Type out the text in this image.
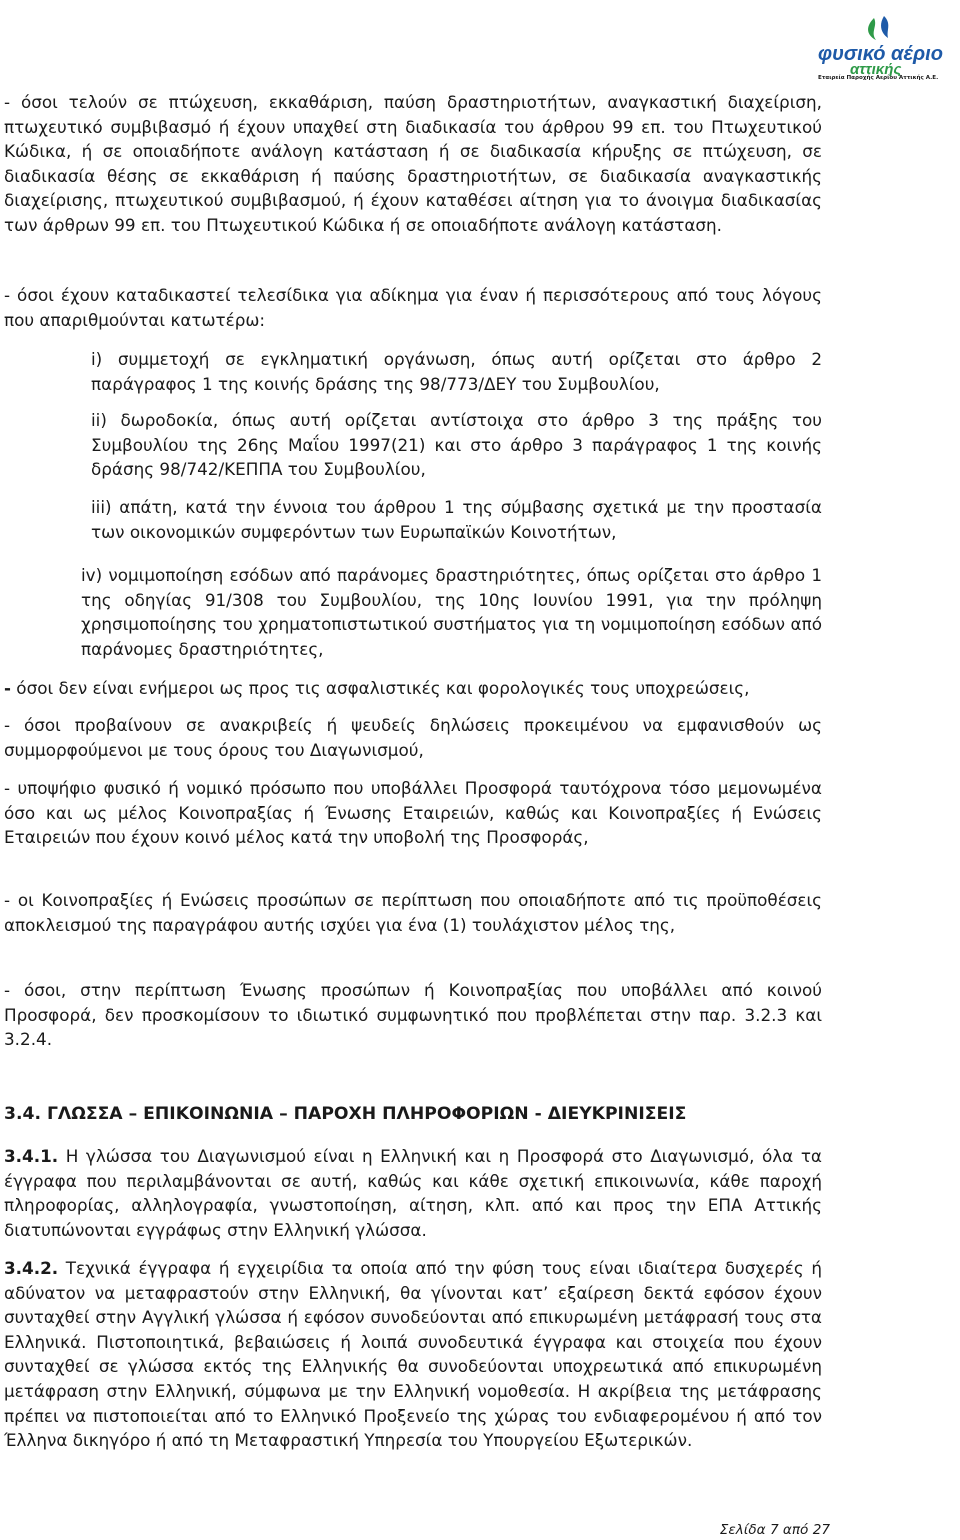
φυσικό αέριο
αττικής
Εταιρεία Παροχής Αερίου Αττικής Α.Ε.

- όσοι τελούν σε πτώχευση, εκκαθάριση, παύση δραστηριοτήτων, αναγκαστική διαχείριση, πτωχευτικό συμβιβασμό ή έχουν υπαχθεί στη διαδικασία του άρθρου 99 επ. του Πτωχευτικού Κώδικα, ή σε οποιαδήποτε ανάλογη κατάσταση ή σε διαδικασία κήρυξης σε πτώχευση, σε διαδικασία θέσης σε εκκαθάριση ή παύσης δραστηριοτήτων, σε διαδικασία αναγκαστικής διαχείρισης, πτωχευτικού συμβιβασμού, ή έχουν καταθέσει αίτηση για το άνοιγμα διαδικασίας των άρθρων 99 επ. του Πτωχευτικού Κώδικα ή σε οποιαδήποτε ανάλογη κατάσταση.

- όσοι έχουν καταδικαστεί τελεσίδικα για αδίκημα για έναν ή περισσότερους από τους λόγους που απαριθμούνται κατωτέρω:

i) συμμετοχή σε εγκληματική οργάνωση, όπως αυτή ορίζεται στο άρθρο 2 παράγραφος 1 της κοινής δράσης της 98/773/ΔΕΥ του Συμβουλίου,

ii) δωροδοκία, όπως αυτή ορίζεται αντίστοιχα στο άρθρο 3 της πράξης του Συμβουλίου της 26ης Μαΐου 1997(21) και στο άρθρο 3 παράγραφος 1 της κοινής δράσης 98/742/ΚΕΠΠΑ του Συμβουλίου,

iii) απάτη, κατά την έννοια του άρθρου 1 της σύμβασης σχετικά με την προστασία των οικονομικών συμφερόντων των Ευρωπαϊκών Κοινοτήτων,

iv) νομιμοποίηση εσόδων από παράνομες δραστηριότητες, όπως ορίζεται στο άρθρο 1 της οδηγίας 91/308 του Συμβουλίου, της 10ης Ιουνίου 1991, για την πρόληψη χρησιμοποίησης του χρηματοπιστωτικού συστήματος για τη νομιμοποίηση εσόδων από παράνομες δραστηριότητες,

- όσοι δεν είναι ενήμεροι ως προς τις ασφαλιστικές και φορολογικές τους υποχρεώσεις,

- όσοι προβαίνουν σε ανακριβείς ή ψευδείς δηλώσεις προκειμένου να εμφανισθούν ως συμμορφούμενοι με τους όρους του Διαγωνισμού,

- υποψήφιο φυσικό ή νομικό πρόσωπο που υποβάλλει Προσφορά ταυτόχρονα τόσο μεμονωμένα όσο και ως μέλος Κοινοπραξίας ή Ένωσης Εταιρειών, καθώς και Κοινοπραξίες ή Ενώσεις Εταιρειών που έχουν κοινό μέλος κατά την υποβολή της Προσφοράς,

- οι Κοινοπραξίες ή Ενώσεις προσώπων σε περίπτωση που οποιαδήποτε από τις προϋποθέσεις αποκλεισμού της παραγράφου αυτής ισχύει για ένα (1) τουλάχιστον μέλος της,

- όσοι, στην περίπτωση Ένωσης προσώπων ή Κοινοπραξίας που υποβάλλει από κοινού Προσφορά, δεν προσκομίσουν το ιδιωτικό συμφωνητικό που προβλέπεται στην παρ. 3.2.3 και 3.2.4.

3.4. ΓΛΩΣΣΑ – ΕΠΙΚΟΙΝΩΝΙΑ – ΠΑΡΟΧΗ ΠΛΗΡΟΦΟΡΙΩΝ - ΔΙΕΥΚΡΙΝΙΣΕΙΣ

3.4.1. Η γλώσσα του Διαγωνισμού είναι η Ελληνική και η Προσφορά στο Διαγωνισμό, όλα τα έγγραφα που περιλαμβάνονται σε αυτή, καθώς και κάθε σχετική επικοινωνία, κάθε παροχή πληροφορίας, αλληλογραφία, γνωστοποίηση, αίτηση, κλπ. από και προς την ΕΠΑ Αττικής διατυπώνονται εγγράφως στην Ελληνική γλώσσα.

3.4.2. Τεχνικά έγγραφα ή εγχειρίδια τα οποία από την φύση τους είναι ιδιαίτερα δυσχερές ή αδύνατον να μεταφραστούν στην Ελληνική, θα γίνονται κατ’ εξαίρεση δεκτά εφόσον έχουν συνταχθεί στην Αγγλική γλώσσα ή εφόσον συνοδεύονται από επικυρωμένη μετάφρασή τους στα Ελληνικά. Πιστοποιητικά, βεβαιώσεις ή λοιπά συνοδευτικά έγγραφα και στοιχεία που έχουν συνταχθεί σε γλώσσα εκτός της Ελληνικής θα συνοδεύονται υποχρεωτικά από επικυρωμένη μετάφραση στην Ελληνική, σύμφωνα με την Ελληνική νομοθεσία. Η ακρίβεια της μετάφρασης πρέπει να πιστοποιείται από το Ελληνικό Προξενείο της χώρας του ενδιαφερομένου ή από τον Έλληνα δικηγόρο ή από τη Μεταφραστική Υπηρεσία του Υπουργείου Εξωτερικών.

Σελίδα 7 από 27
